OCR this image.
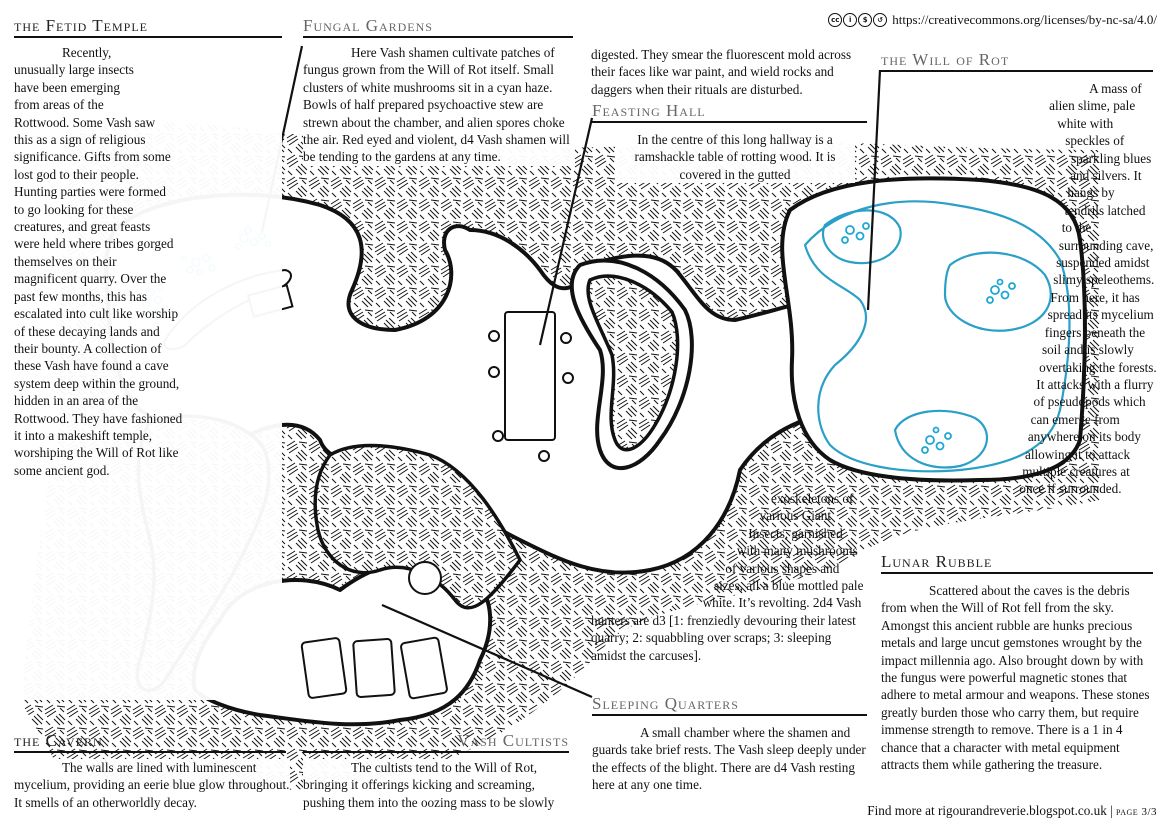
cc	i	$	↺ https://creativecommons.org/licenses/by-nc-sa/4.0/
the Fetid Temple
Recently, unusually large insects have been emerging from areas of the Rottwood. Some Vash saw this as a sign of religious significance. Gifts from some lost god to their people. Hunting parties were formed to go looking for these creatures, and great feasts were held where tribes gorged themselves on their magnificent quarry. Over the past few months, this has escalated into cult like worship of these decaying lands and their bounty. A collection of these Vash have found a cave system deep within the ground, hidden in an area of the Rottwood. They have fashioned it into a makeshift temple, worshiping the Will of Rot like some ancient god.
Fungal Gardens
Here Vash shamen cultivate patches of fungus grown from the Will of Rot itself. Small clusters of white mushrooms sit in a cyan haze. Bowls of half prepared psychoactive stew are strewn about the chamber, and alien spores choke the air. Red eyed and violent, d4 Vash shamen will be tending to the gardens at any time.
digested. They smear the fluorescent mold across their faces like war paint, and wield rocks and daggers when their rituals are disturbed.
Feasting Hall
In the centre of this long hallway is a ramshackle table of rotting wood. It is covered in the gutted
the Will of Rot
A mass of alien slime, pale white with speckles of sparkling blues and silvers. It hangs by tendrils latched to the surrounding cave, suspended amidst slimy speleothems. From here, it has spread its mycelium fingers beneath the soil and is slowly overtaking the forests. It attacks with a flurry of pseudopods which can emerge from anywhere on its body allowing it to attack multiple creatures at once if surrounded.
exoskeletons of various Giant Insects, garnished with many mushrooms of various shapes and sizes, all a blue mottled pale white. It’s revolting. 2d4 Vash hunters are d3 [1: frenziedly devouring their latest quarry; 2: squabbling over scraps; 3: sleeping amidst the carcuses].
Lunar Rubble
Scattered about the caves is the debris from when the Will of Rot fell from the sky. Amongst this ancient rubble are hunks precious metals and large uncut gemstones wrought by the impact millennia ago. Also brought down by with the fungus were powerful magnetic stones that adhere to metal armour and weapons. These stones greatly burden those who carry them, but require immense strength to remove. There is a 1 in 4 chance that a character with metal equipment attracts them while gathering the treasure.
Sleeping Quarters
A small chamber where the shamen and guards take brief rests. The Vash sleep deeply under the effects of the blight. There are d4 Vash resting here at any one time.
the Cavern
The walls are lined with luminescent mycelium, providing an eerie blue glow throughout. It smells of an otherworldly decay.
Vash Cultists
The cultists tend to the Will of Rot, bringing it offerings kicking and screaming, pushing them into the oozing mass to be slowly
Find more at rigourandreverie.blogspot.co.uk | page 3/3
